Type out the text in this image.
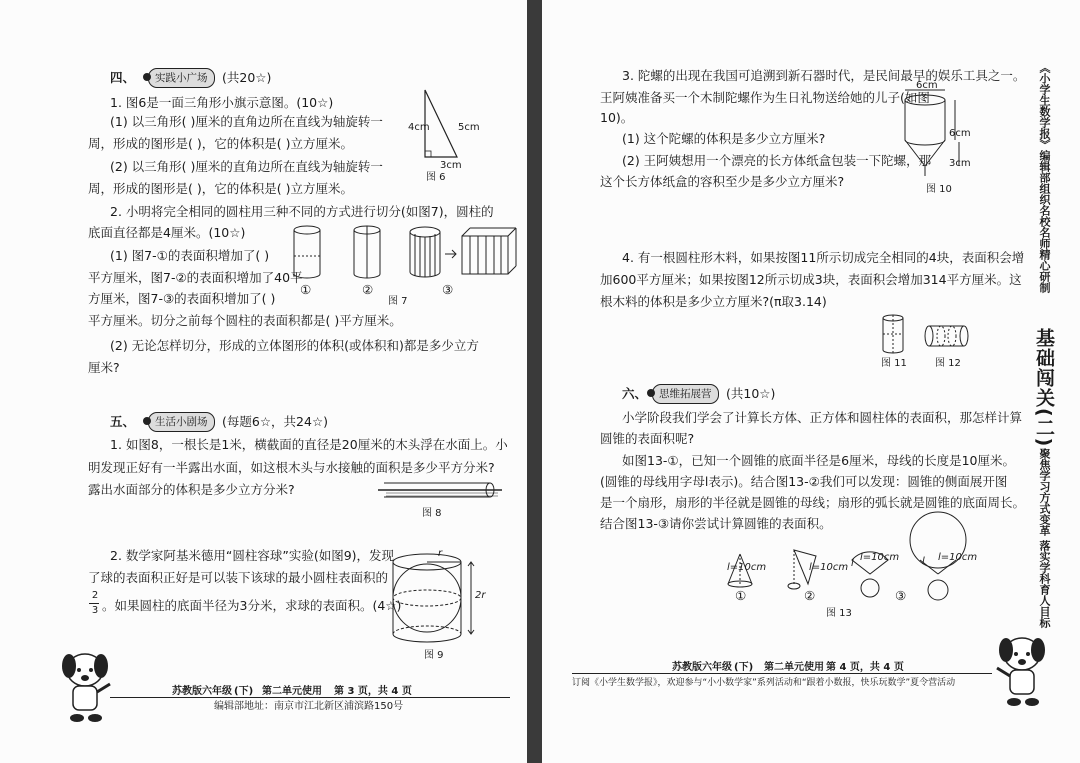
四、	实践小广场	(共20☆)
1. 图6是一面三角形小旗示意图。(10☆)
(1) 以三角形( )厘米的直角边所在直线为轴旋转一
周，形成的图形是( )，它的体积是( )立方厘米。
(2) 以三角形( )厘米的直角边所在直线为轴旋转一
周，形成的图形是( )，它的体积是( )立方厘米。
4cm	5cm
3cm
图 6
2. 小明将完全相同的圆柱用三种不同的方式进行切分(如图7)，圆柱的
底面直径都是4厘米。(10☆)
(1) 图7-①的表面积增加了( )
平方厘米，图7-②的表面积增加了40平
方厘米，图7-③的表面积增加了( )
平方厘米。切分之前每个圆柱的表面积都是( )平方厘米。
(2) 无论怎样切分，形成的立体图形的体积(或体积和)都是多少立方
厘米?
①	②	③
图 7
五、	生活小剧场	(每题6☆，共24☆)
1. 如图8，一根长是1米，横截面的直径是20厘米的木头浮在水面上。小
明发现正好有一半露出水面，如这根木头与水接触的面积是多少平方分米?
露出水面部分的体积是多少立方分米?
图 8
2. 数学家阿基米德用“圆柱容球”实验(如图9)，发现
了球的表面积正好是可以装下该球的最小圆柱表面积的
2
3 。如果圆柱的底面半径为3分米，求球的表面积。(4☆)
r
2r
图 9
苏教版六年级 (下) 第二单元使用 第 3 页，共 4 页
编辑部地址：南京市江北新区浦滨路150号
3. 陀螺的出现在我国可追溯到新石器时代，是民间最早的娱乐工具之一。
王阿姨准备买一个木制陀螺作为生日礼物送给她的儿子(如图
10)。
(1) 这个陀螺的体积是多少立方厘米?
(2) 王阿姨想用一个漂亮的长方体纸盒包装一下陀螺，那
这个长方体纸盒的容积至少是多少立方厘米?
6cm
6cm
3cm
图 10
4. 有一根圆柱形木料，如果按图11所示切成完全相同的4块，表面积会增
加600平方厘米；如果按图12所示切成3块，表面积会增加314平方厘米。这
根木料的体积是多少立方厘米?(π取3.14)
图 11	图 12
六、	思维拓展营	(共10☆)
小学阶段我们学会了计算长方体、正方体和圆柱体的表面积，那怎样计算
圆锥的表面积呢?
如图13-①，已知一个圆锥的底面半径是6厘米，母线的长度是10厘米。
(圆锥的母线用字母l表示)。结合图13-②我们可以发现：圆锥的侧面展开图
是一个扇形，扇形的半径就是圆锥的母线；扇形的弧长就是圆锥的底面周长。
结合图13-③请你尝试计算圆锥的表面积。
l=10cm	l=10cm l
l=10cm l l=10cm
①	②	③
图 13
苏教版六年级 (下) 第二单元使用 第 4 页，共 4 页
订阅《小学生数学报》，欢迎参与“小小数学家”系列活动和“跟着小数报，快乐玩数学”夏令营活动
《小学生数学报》编辑部组织名校名师精心研制
基础闯关(二)
聚焦学习方式变革 落实学科育人目标
